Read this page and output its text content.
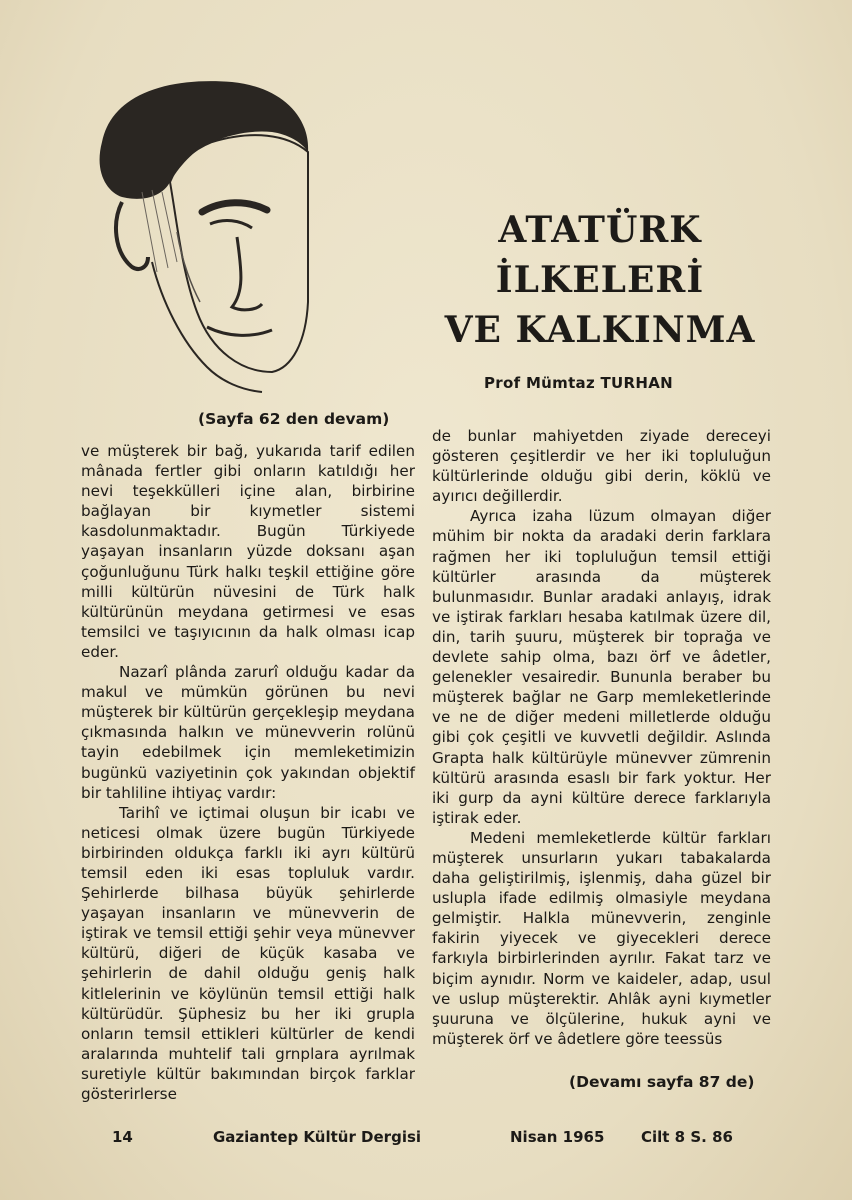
ATATÜRK İLKELERİ
VE KALKINMA
Prof Mümtaz TURHAN
(Sayfa 62 den devam)

ve müşterek bir bağ, yukarıda tarif edilen mânada fertler gibi onların katıldığı her nevi teşekkülleri içine alan, birbirine bağlayan bir kıymetler sistemi kasdolunmaktadır. Bugün Türkiyede yaşayan insanların yüzde doksanı aşan çoğunluğunu Türk halkı teşkil ettiğine göre milli kültürün nüvesini de Türk halk kültürünün meydana getirmesi ve esas temsilci ve taşıyıcının da halk olması icap eder.

Nazarî plânda zarurî olduğu kadar da makul ve mümkün görünen bu nevi müşterek bir kültürün gerçekleşip meydana çıkmasında halkın ve münevverin rolünü tayin edebilmek için memleketimizin bugünkü vaziyetinin çok yakından objektif bir tahliline ihtiyaç vardır:

Tarihî ve içtimai oluşun bir icabı ve neticesi olmak üzere bugün Türkiyede birbirinden oldukça farklı iki ayrı kültürü temsil eden iki esas topluluk vardır. Şehirlerde bilhasa büyük şehirlerde yaşayan insanların ve münevverin de iştirak ve temsil ettiği şehir veya münevver kültürü, diğeri de küçük kasaba ve şehirlerin de dahil olduğu geniş halk kitlelerinin ve köylünün temsil ettiği halk kültürüdür. Şüphesiz bu her iki grupla onların temsil ettikleri kültürler de kendi aralarında muhtelif tali grnplara ayrılmak suretiyle kültür bakımından birçok farklar gösterirlerse

de bunlar mahiyetden ziyade dereceyi gösteren çeşitlerdir ve her iki topluluğun kültürlerinde olduğu gibi derin, köklü ve ayırıcı değillerdir.

Ayrıca izaha lüzum olmayan diğer mühim bir nokta da aradaki derin farklara rağmen her iki topluluğun temsil ettiği kültürler arasında da müşterek bulunmasıdır. Bunlar aradaki anlayış, idrak ve iştirak farkları hesaba katılmak üzere dil, din, tarih şuuru, müşterek bir toprağa ve devlete sahip olma, bazı örf ve âdetler, gelenekler vesairedir. Bununla beraber bu müşterek bağlar ne Garp memleketlerinde ve ne de diğer medeni milletlerde olduğu gibi çok çeşitli ve kuvvetli değildir. Aslında Grapta halk kültürüyle münevver zümrenin kültürü arasında esaslı bir fark yoktur. Her iki gurp da ayni kültüre derece farklarıyla iştirak eder.

Medeni memleketlerde kültür farkları müşterek unsurların yukarı tabakalarda daha geliştirilmiş, işlenmiş, daha güzel bir uslupla ifade edilmiş olmasiyle meydana gelmiştir. Halkla münevverin, zenginle fakirin yiyecek ve giyecekleri derece farkıyla birbirlerinden ayrılır. Fakat tarz ve biçim aynıdır. Norm ve kaideler, adap, usul ve uslup müşterektir. Ahlâk ayni kıymetler şuuruna ve ölçülerine, hukuk ayni ve müşterek örf ve âdetlere göre teessüs

(Devamı sayfa 87 de)
14	Gaziantep Kültür Dergisi	Nisan 1965 Cilt 8 S. 86
